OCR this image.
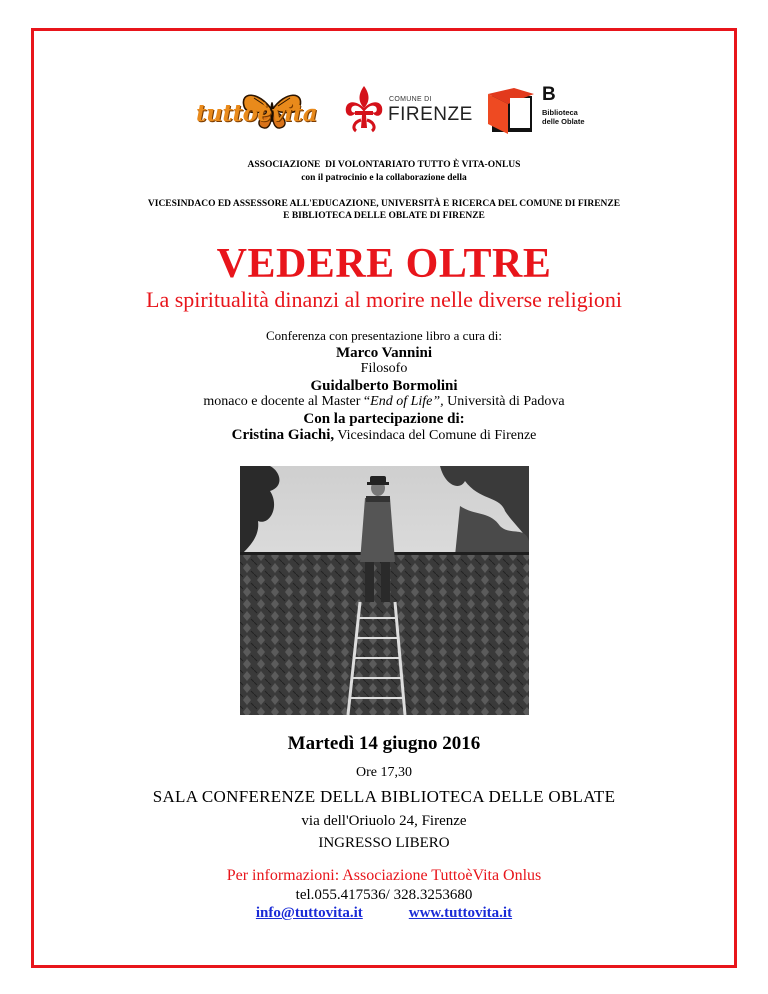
tuttoèvita
COMUNE DI
FIRENZE
B
Biblioteca delle Oblate
ASSOCIAZIONE  DI VOLONTARIATO TUTTO È VITA-ONLUS
con il patrocinio e la collaborazione della
VICESINDACO ED ASSESSORE ALL'EDUCAZIONE, UNIVERSITÀ E RICERCA DEL COMUNE DI FIRENZE
E BIBLIOTECA DELLE OBLATE DI FIRENZE
VEDERE OLTRE
La spiritualità dinanzi al morire nelle diverse religioni
Conferenza con presentazione libro a cura di:
Marco Vannini
Filosofo
Guidalberto Bormolini
monaco e docente al Master “End of Life”, Università di Padova
Con la partecipazione di:
Cristina Giachi, Vicesindaca del Comune di Firenze
Martedì 14 giugno 2016
Ore 17,30
SALA CONFERENZE DELLA BIBLIOTECA DELLE OBLATE
via dell'Oriuolo 24, Firenze
INGRESSO LIBERO
Per informazioni: Associazione TuttoèVita Onlus
tel.055.417536/ 328.3253680
info@tuttovita.it	www.tuttovita.it
